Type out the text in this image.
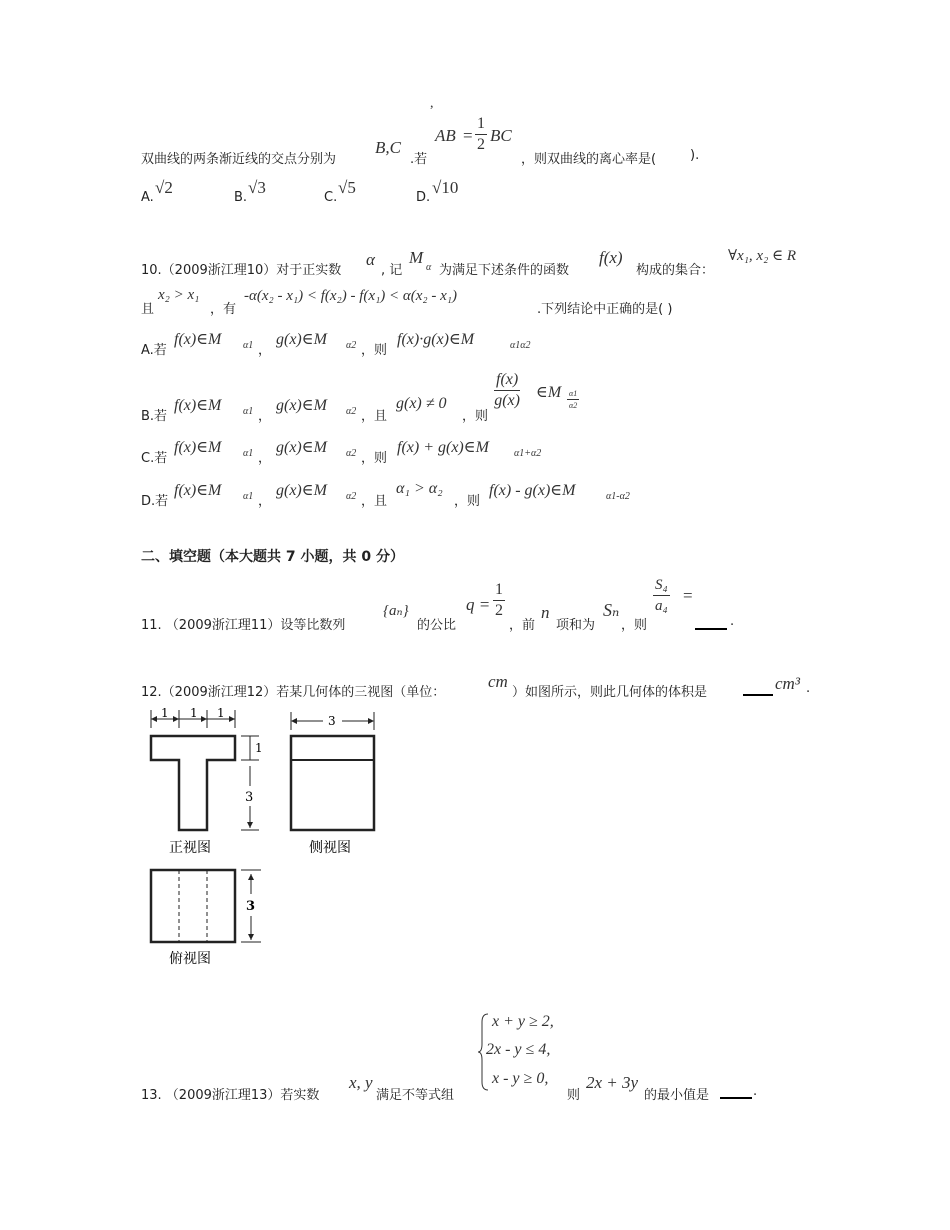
,
双曲线的两条渐近线的交点分别为
B,C
.若
AB = $\frac{1}{2}$ BC
，则双曲线的离心率是(	).
A.
√2
B.
√3
C.
√5
D.
√10
10.（2009浙江理10）对于正实数
α
, 记
M
α 为满足下述条件的函数
f(x)
构成的集合：
∀x₁, x₂ ∈ R
且
x₂ > x₁
，有
-α(x₂ - x₁) < f(x₂) - f(x₁) < α(x₂ - x₁)
.下列结论中正确的是( )
A.若
f(x)∈M α1 ，
g(x)∈M α2 ，则
f(x)·g(x)∈M	α1α2
B.若
f(x)∈M α1 ，
g(x)∈M α2 ，且
g(x) ≠ 0
，则
$\frac{f(x)}{g(x)}$ ∈M $\frac{\alpha 1}{\alpha 2}$
C.若
f(x)∈M α1 ，
g(x)∈M α2 ，则
f(x) + g(x)∈M	α1+α2
D.若
f(x)∈M α1 ，
g(x)∈M α2 ，且
α₁ > α₂
，则
f(x) - g(x)∈M	α1-α2
二、填空题（本大题共 7 小题，共 0 分）
11. （2009浙江理11）设等比数列
{aₙ}
的公比
$q = \frac{1}{2}$
，前
n
项和为
Sₙ
，则
$\frac{\text{S₄}}{\text{a₄}}$ =
.
12.（2009浙江理12）若某几何体的三视图（单位：
cm
）如图所示，则此几何体的体积是	cm³ .
1 1 1
1
3
3
3
正视图	侧视图
俯视图
13. （2009浙江理13）若实数
x, y
满足不等式组
x + y ≥ 2,
2x - y ≤ 4,
x - y ≥ 0,
则
2x + 3y
的最小值是	.
